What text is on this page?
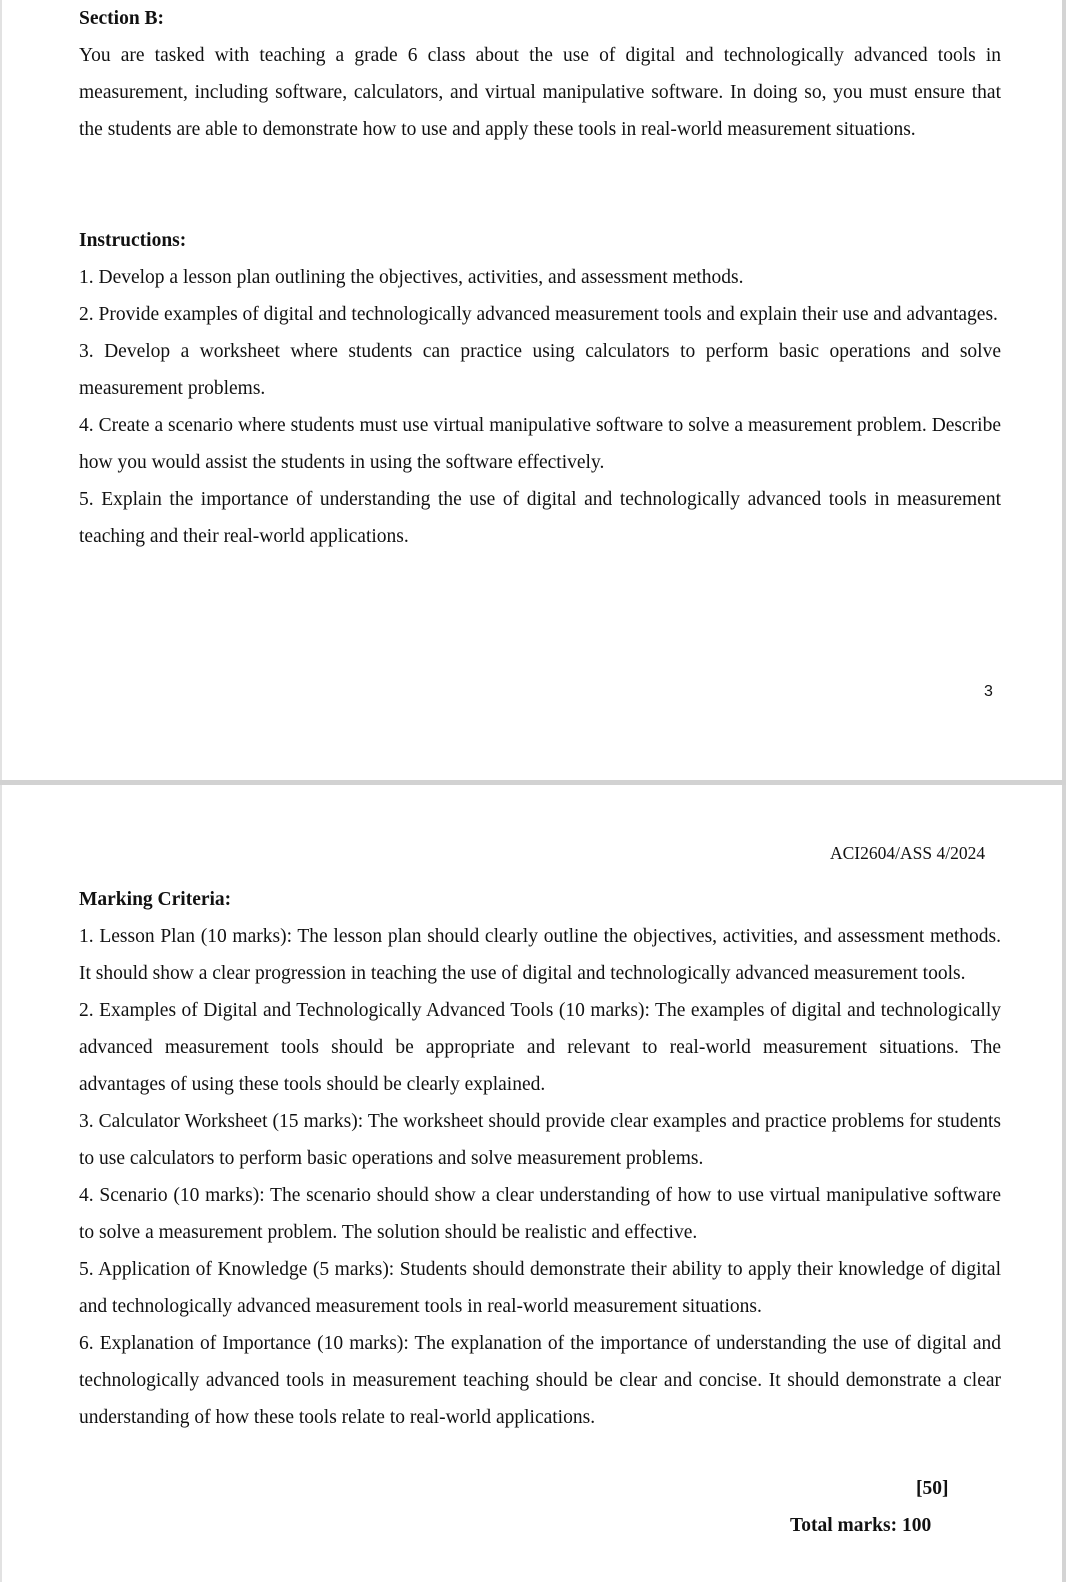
Section B:

You are tasked with teaching a grade 6 class about the use of digital and technologically advanced tools in measurement, including software, calculators, and virtual manipulative software. In doing so, you must ensure that the students are able to demonstrate how to use and apply these tools in real-world measurement situations.

Instructions:
1. Develop a lesson plan outlining the objectives, activities, and assessment methods.
2. Provide examples of digital and technologically advanced measurement tools and explain their use and advantages.
3. Develop a worksheet where students can practice using calculators to perform basic operations and solve measurement problems.
4. Create a scenario where students must use virtual manipulative software to solve a measurement problem. Describe how you would assist the students in using the software effectively.
5. Explain the importance of understanding the use of digital and technologically advanced tools in measurement teaching and their real-world applications.
3
ACI2604/ASS 4/2024
Marking Criteria:
1. Lesson Plan (10 marks): The lesson plan should clearly outline the objectives, activities, and assessment methods. It should show a clear progression in teaching the use of digital and technologically advanced measurement tools.
2. Examples of Digital and Technologically Advanced Tools (10 marks): The examples of digital and technologically advanced measurement tools should be appropriate and relevant to real-world measurement situations. The advantages of using these tools should be clearly explained.
3. Calculator Worksheet (15 marks): The worksheet should provide clear examples and practice problems for students to use calculators to perform basic operations and solve measurement problems.
4. Scenario (10 marks): The scenario should show a clear understanding of how to use virtual manipulative software to solve a measurement problem. The solution should be realistic and effective.
5. Application of Knowledge (5 marks): Students should demonstrate their ability to apply their knowledge of digital and technologically advanced measurement tools in real-world measurement situations.
6. Explanation of Importance (10 marks): The explanation of the importance of understanding the use of digital and technologically advanced tools in measurement teaching should be clear and concise. It should demonstrate a clear understanding of how these tools relate to real-world applications.
[50]
Total marks: 100
